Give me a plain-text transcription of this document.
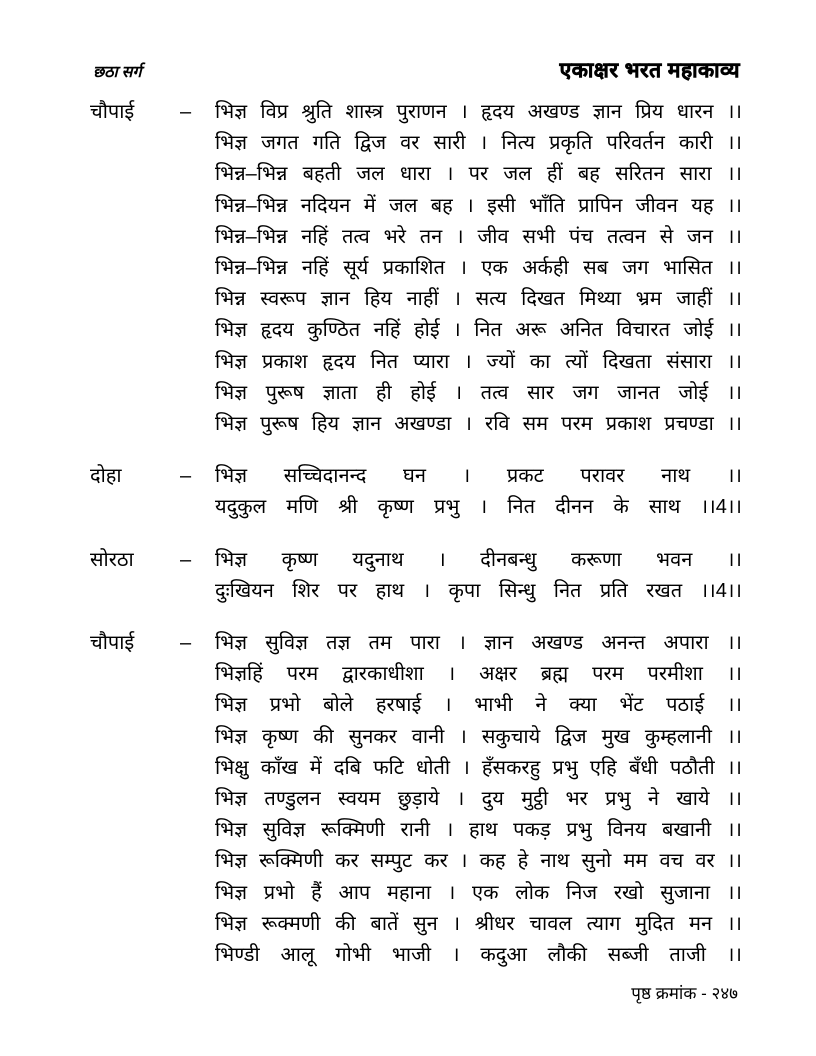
छठा सर्ग	एकाक्षर भरत महाकाव्य
चौपाई	–	भिज्ञ विप्र श्रुति शास्त्र पुराणन । हृदय अखण्ड ज्ञान प्रिय धारन ।।
भिज्ञ जगत गति द्विज वर सारी । नित्य प्रकृति परिवर्तन कारी ।।
भिन्न–भिन्न बहती जल धारा । पर जल हीं बह सरितन सारा ।।
भिन्न–भिन्न नदियन में जल बह । इसी भाँति प्रापिन जीवन यह ।।
भिन्न–भिन्न नहिं तत्व भरे तन । जीव सभी पंच तत्वन से जन ।।
भिन्न–भिन्न नहिं सूर्य प्रकाशित । एक अर्कही सब जग भासित ।।
भिन्न स्वरूप ज्ञान हिय नाहीं । सत्य दिखत मिथ्या भ्रम जाहीं ।।
भिज्ञ हृदय कुण्ठित नहिं होई । नित अरू अनित विचारत जोई ।।
भिज्ञ प्रकाश हृदय नित प्यारा । ज्यों का त्यों दिखता संसारा ।।
भिज्ञ पुरूष ज्ञाता ही होई । तत्व सार जग जानत जोई ।।
भिज्ञ पुरूष हिय ज्ञान अखण्डा । रवि सम परम प्रकाश प्रचण्डा ।।
दोहा	–	भिज्ञ सच्चिदानन्द घन । प्रकट परावर नाथ ।।
यदुकुल मणि श्री कृष्ण प्रभु । नित दीनन के साथ ।।4।।
सोरठा	–	भिज्ञ कृष्ण यदुनाथ । दीनबन्धु करूणा भवन ।।
दुःखियन शिर पर हाथ । कृपा सिन्धु नित प्रति रखत ।।4।।
चौपाई	–	भिज्ञ सुविज्ञ तज्ञ तम पारा । ज्ञान अखण्ड अनन्त अपारा ।।
भिज्ञहिं परम द्वारकाधीशा । अक्षर ब्रह्म परम परमीशा ।।
भिज्ञ प्रभो बोले हरषाई । भाभी ने क्या भेंट पठाई ।।
भिज्ञ कृष्ण की सुनकर वानी । सकुचाये द्विज मुख कुम्हलानी ।।
भिक्षु काँख में दबि फटि धोती । हँसकरहु प्रभु एहि बँधी पठौती ।।
भिज्ञ तण्डुलन स्वयम छुड़ाये । दुय मुट्ठी भर प्रभु ने खाये ।।
भिज्ञ सुविज्ञ रूक्मिणी रानी । हाथ पकड़ प्रभु विनय बखानी ।।
भिज्ञ रूक्मिणी कर सम्पुट कर । कह हे नाथ सुनो मम वच वर ।।
भिज्ञ प्रभो हैं आप महाना । एक लोक निज रखो सुजाना ।।
भिज्ञ रूक्मणी की बातें सुन । श्रीधर चावल त्याग मुदित मन ।।
भिण्डी आलू गोभी भाजी । कदुआ लौकी सब्जी ताजी ।।
पृष्ठ क्रमांक - २४७
